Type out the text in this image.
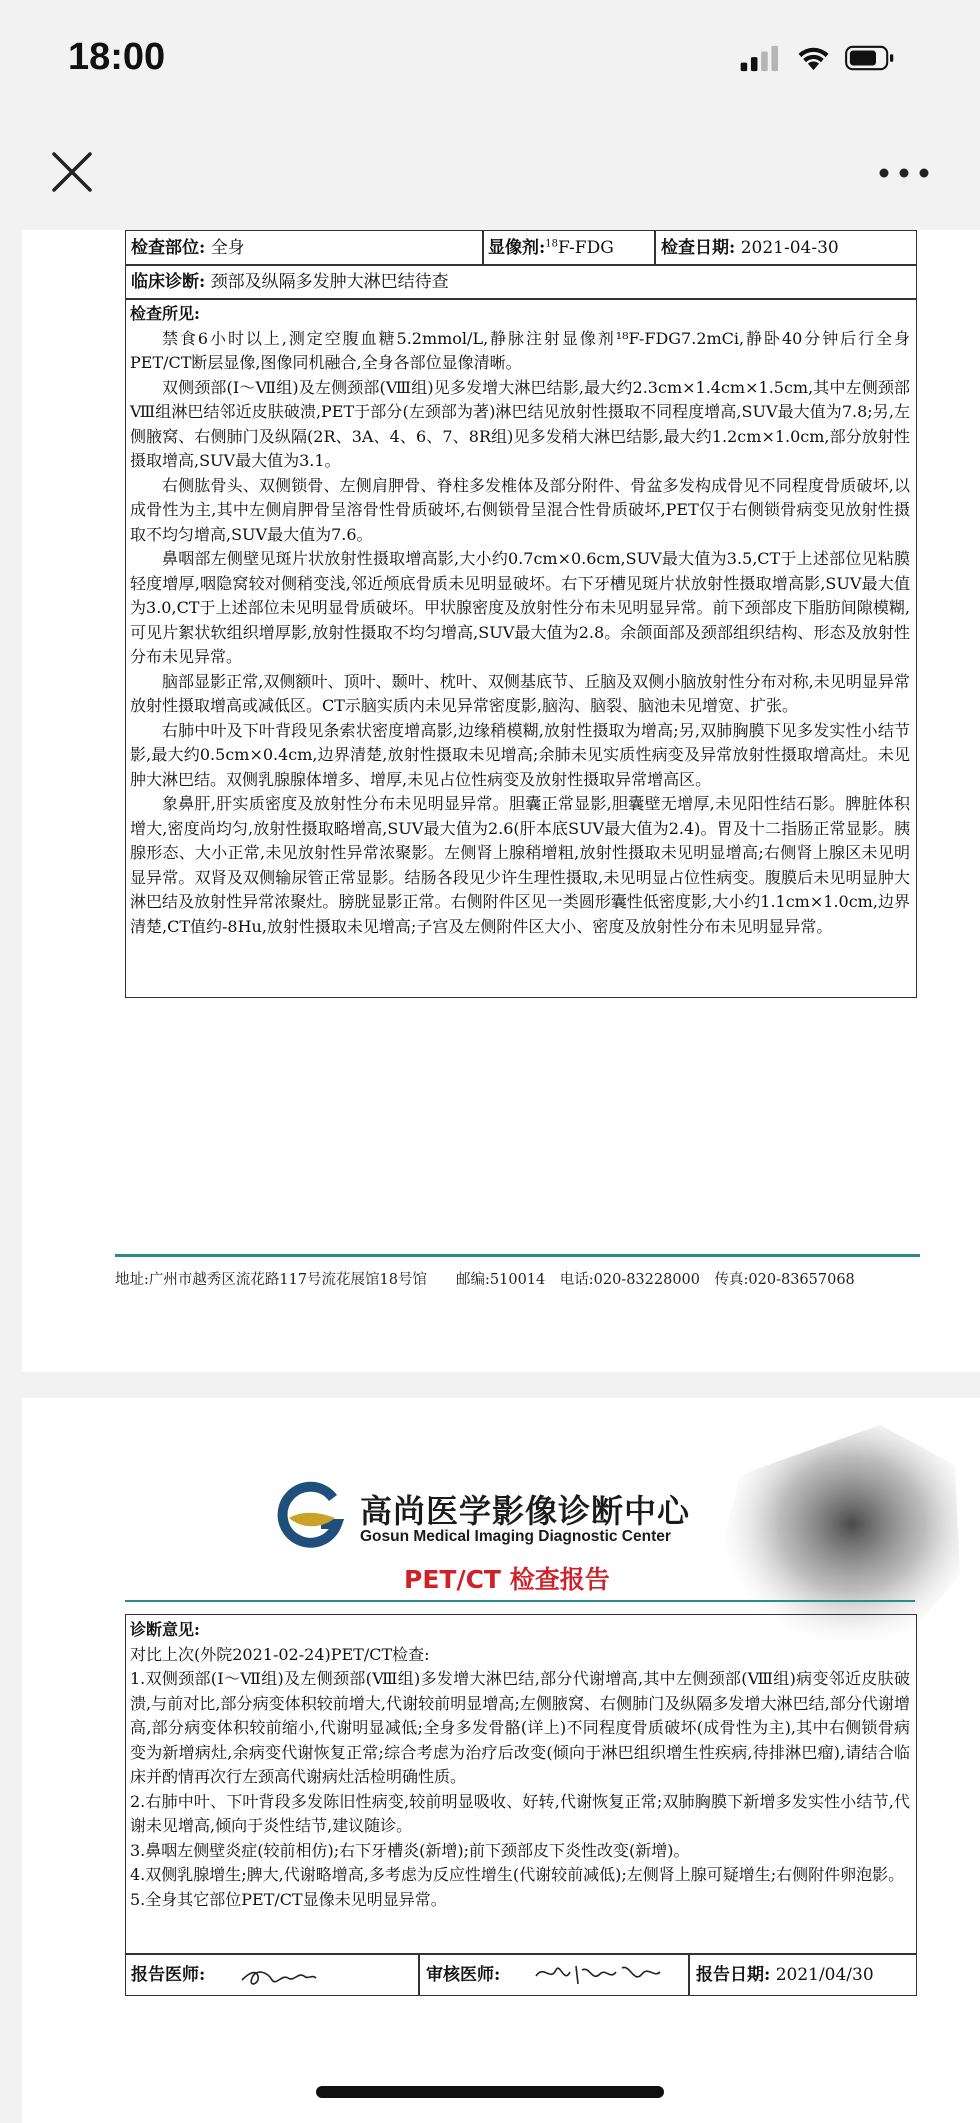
18:00
检查部位: 全身	显像剂:$^{18}$F-FDG	检查日期: 2021-04-30
临床诊断: 颈部及纵隔多发肿大淋巴结待查

检查所见:

禁食6小时以上,测定空腹血糖5.2mmol/L,静脉注射显像剂¹⁸F-FDG7.2mCi,静卧40分钟后行全身PET/CT断层显像,图像同机融合,全身各部位显像清晰。

双侧颈部(Ⅰ～Ⅶ组)及左侧颈部(Ⅷ组)见多发增大淋巴结影,最大约2.3cm×1.4cm×1.5cm,其中左侧颈部Ⅷ组淋巴结邻近皮肤破溃,PET于部分(左颈部为著)淋巴结见放射性摄取不同程度增高,SUV最大值为7.8;另,左侧腋窝、右侧肺门及纵隔(2R、3A、4、6、7、8R组)见多发稍大淋巴结影,最大约1.2cm×1.0cm,部分放射性摄取增高,SUV最大值为3.1。

右侧肱骨头、双侧锁骨、左侧肩胛骨、脊柱多发椎体及部分附件、骨盆多发构成骨见不同程度骨质破坏,以成骨性为主,其中左侧肩胛骨呈溶骨性骨质破坏,右侧锁骨呈混合性骨质破坏,PET仅于右侧锁骨病变见放射性摄取不均匀增高,SUV最大值为7.6。

鼻咽部左侧壁见斑片状放射性摄取增高影,大小约0.7cm×0.6cm,SUV最大值为3.5,CT于上述部位见粘膜轻度增厚,咽隐窝较对侧稍变浅,邻近颅底骨质未见明显破坏。右下牙槽见斑片状放射性摄取增高影,SUV最大值为3.0,CT于上述部位未见明显骨质破坏。甲状腺密度及放射性分布未见明显异常。前下颈部皮下脂肪间隙模糊,可见片絮状软组织增厚影,放射性摄取不均匀增高,SUV最大值为2.8。余颌面部及颈部组织结构、形态及放射性分布未见异常。

脑部显影正常,双侧额叶、顶叶、颞叶、枕叶、双侧基底节、丘脑及双侧小脑放射性分布对称,未见明显异常放射性摄取增高或减低区。CT示脑实质内未见异常密度影,脑沟、脑裂、脑池未见增宽、扩张。

右肺中叶及下叶背段见条索状密度增高影,边缘稍模糊,放射性摄取为增高;另,双肺胸膜下见多发实性小结节影,最大约0.5cm×0.4cm,边界清楚,放射性摄取未见增高;余肺未见实质性病变及异常放射性摄取增高灶。未见肿大淋巴结。双侧乳腺腺体增多、增厚,未见占位性病变及放射性摄取异常增高区。

象鼻肝,肝实质密度及放射性分布未见明显异常。胆囊正常显影,胆囊壁无增厚,未见阳性结石影。脾脏体积增大,密度尚均匀,放射性摄取略增高,SUV最大值为2.6(肝本底SUV最大值为2.4)。胃及十二指肠正常显影。胰腺形态、大小正常,未见放射性异常浓聚影。左侧肾上腺稍增粗,放射性摄取未见明显增高;右侧肾上腺区未见明显异常。双肾及双侧输尿管正常显影。结肠各段见少许生理性摄取,未见明显占位性病变。腹膜后未见明显肿大淋巴结及放射性异常浓聚灶。膀胱显影正常。右侧附件区见一类圆形囊性低密度影,大小约1.1cm×1.0cm,边界清楚,CT值约-8Hu,放射性摄取未见增高;子宫及左侧附件区大小、密度及放射性分布未见明显异常。

地址:广州市越秀区流花路117号流花展馆18号馆　　邮编:510014　电话:020-83228000　传真:020-83657068
高尚医学影像诊断中心
Gosun Medical Imaging Diagnostic Center
PET/CT 检查报告

诊断意见:

对比上次(外院2021-02-24)PET/CT检查:

1.双侧颈部(Ⅰ～Ⅶ组)及左侧颈部(Ⅷ组)多发增大淋巴结,部分代谢增高,其中左侧颈部(Ⅷ组)病变邻近皮肤破溃,与前对比,部分病变体积较前增大,代谢较前明显增高;左侧腋窝、右侧肺门及纵隔多发增大淋巴结,部分代谢增高,部分病变体积较前缩小,代谢明显减低;全身多发骨骼(详上)不同程度骨质破坏(成骨性为主),其中右侧锁骨病变为新增病灶,余病变代谢恢复正常;综合考虑为治疗后改变(倾向于淋巴组织增生性疾病,待排淋巴瘤),请结合临床并酌情再次行左颈高代谢病灶活检明确性质。

2.右肺中叶、下叶背段多发陈旧性病变,较前明显吸收、好转,代谢恢复正常;双肺胸膜下新增多发实性小结节,代谢未见增高,倾向于炎性结节,建议随诊。

3.鼻咽左侧壁炎症(较前相仿);右下牙槽炎(新增);前下颈部皮下炎性改变(新增)。

4.双侧乳腺增生;脾大,代谢略增高,多考虑为反应性增生(代谢较前减低);左侧肾上腺可疑增生;右侧附件卵泡影。

5.全身其它部位PET/CT显像未见明显异常。

报告医师:	审核医师:	报告日期: 2021/04/30
